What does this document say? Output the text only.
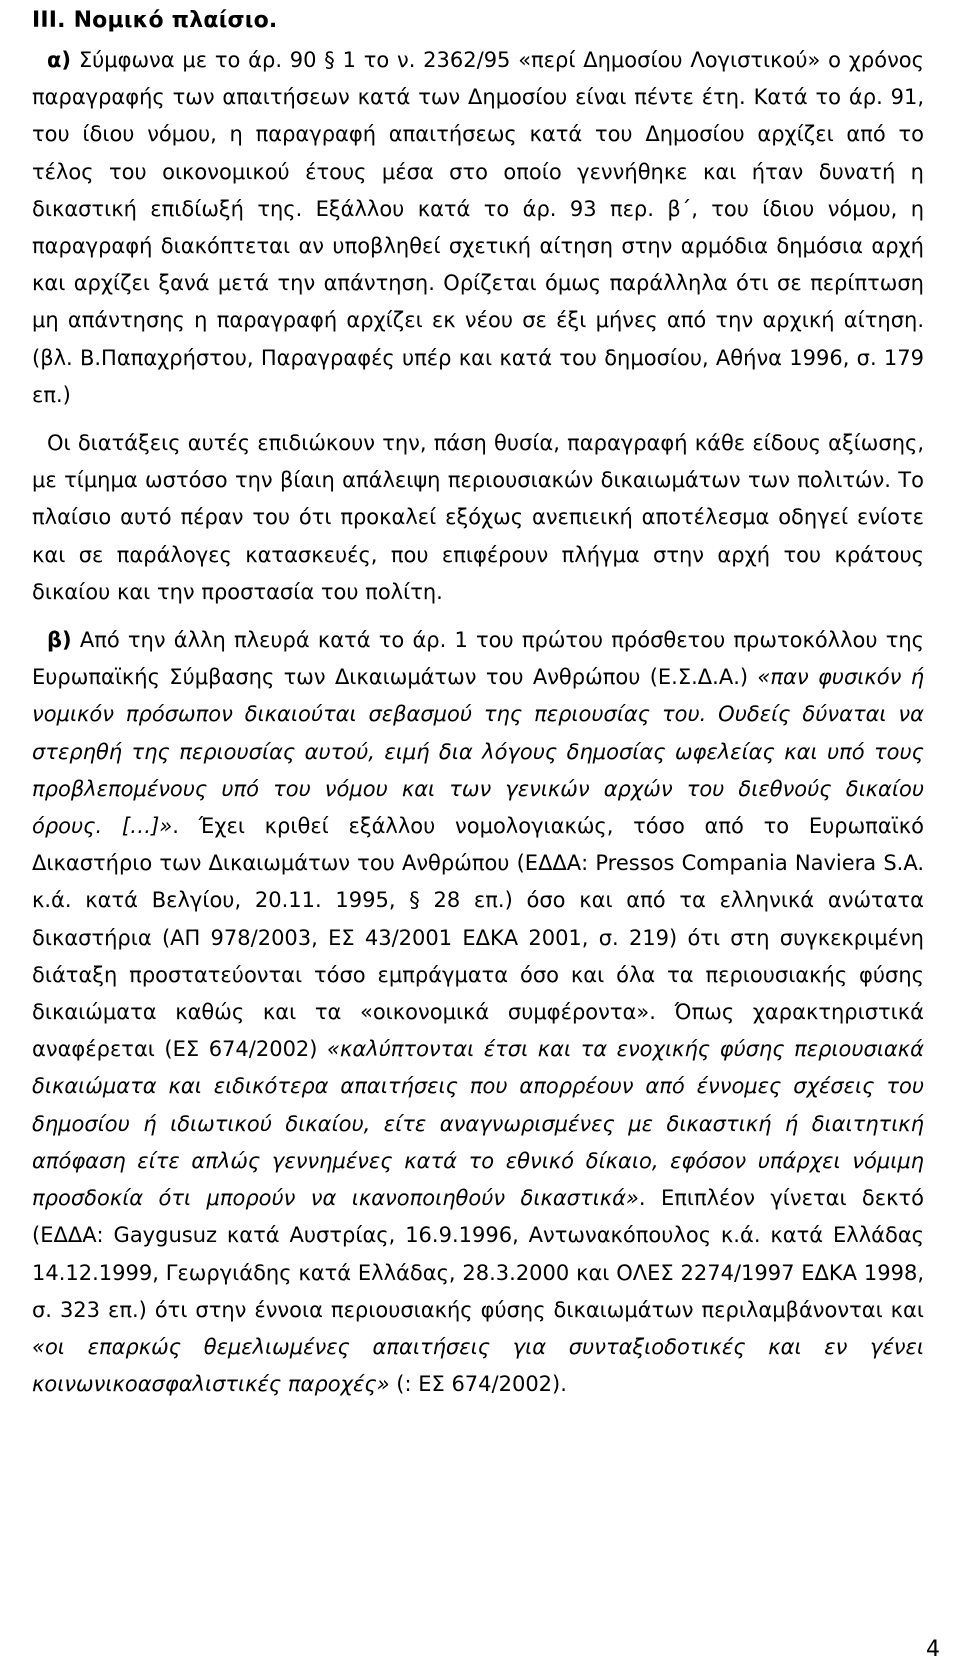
ΙΙΙ. Νομικό πλαίσιο.

α) Σύμφωνα με το άρ. 90 § 1 το ν. 2362/95 «περί Δημοσίου Λογιστικού» ο χρόνος παραγραφής των απαιτήσεων κατά των Δημοσίου είναι πέντε έτη. Κατά το άρ. 91, του ίδιου νόμου, η παραγραφή απαιτήσεως κατά του Δημοσίου αρχίζει από το τέλος του οικονομικού έτους μέσα στο οποίο γεννήθηκε και ήταν δυνατή η δικαστική επιδίωξή της. Εξάλλου κατά το άρ. 93 περ. β΄, του ίδιου νόμου, η παραγραφή διακόπτεται αν υποβληθεί σχετική αίτηση στην αρμόδια δημόσια αρχή και αρχίζει ξανά μετά την απάντηση. Ορίζεται όμως παράλληλα ότι σε περίπτωση μη απάντησης η παραγραφή αρχίζει εκ νέου σε έξι μήνες από την αρχική αίτηση. (βλ. Β.Παπαχρήστου, Παραγραφές υπέρ και κατά του δημοσίου, Αθήνα 1996, σ. 179 επ.)

Οι διατάξεις αυτές επιδιώκουν την, πάση θυσία, παραγραφή κάθε είδους αξίωσης, με τίμημα ωστόσο την βίαιη απάλειψη περιουσιακών δικαιωμάτων των πολιτών. Το πλαίσιο αυτό πέραν του ότι προκαλεί εξόχως ανεπιεική αποτέλεσμα οδηγεί ενίοτε και σε παράλογες κατασκευές, που επιφέρουν πλήγμα στην αρχή του κράτους δικαίου και την προστασία του πολίτη.

β) Από την άλλη πλευρά κατά το άρ. 1 του πρώτου πρόσθετου πρωτοκόλλου της Ευρωπαϊκής Σύμβασης των Δικαιωμάτων του Ανθρώπου (Ε.Σ.Δ.Α.) «παν φυσικόν ή νομικόν πρόσωπον δικαιούται σεβασμού της περιουσίας του. Ουδείς δύναται να στερηθή της περιουσίας αυτού, ειμή δια λόγους δημοσίας ωφελείας και υπό τους προβλεπομένους υπό του νόμου και των γενικών αρχών του διεθνούς δικαίου όρους. […]». Έχει κριθεί εξάλλου νομολογιακώς, τόσο από το Ευρωπαϊκό Δικαστήριο των Δικαιωμάτων του Ανθρώπου (ΕΔΔΑ: Pressos Compania Naviera S.A. κ.ά. κατά Βελγίου, 20.11. 1995, § 28 επ.) όσο και από τα ελληνικά ανώτατα δικαστήρια (ΑΠ 978/2003, ΕΣ 43/2001 ΕΔΚΑ 2001, σ. 219) ότι στη συγκεκριμένη διάταξη προστατεύονται τόσο εμπράγματα όσο και όλα τα περιουσιακής φύσης δικαιώματα καθώς και τα «οικονομικά συμφέροντα». Όπως χαρακτηριστικά αναφέρεται (ΕΣ 674/2002) «καλύπτονται έτσι και τα ενοχικής φύσης περιουσιακά δικαιώματα και ειδικότερα απαιτήσεις που απορρέουν από έννομες σχέσεις του δημοσίου ή ιδιωτικού δικαίου, είτε αναγνωρισμένες με δικαστική ή διαιτητική απόφαση είτε απλώς γεννημένες κατά το εθνικό δίκαιο, εφόσον υπάρχει νόμιμη προσδοκία ότι μπορούν να ικανοποιηθούν δικαστικά». Επιπλέον γίνεται δεκτό (ΕΔΔΑ: Gaygusuz κατά Αυστρίας, 16.9.1996, Αντωνακόπουλος κ.ά. κατά Ελλάδας 14.12.1999, Γεωργιάδης κατά Ελλάδας, 28.3.2000 και ΟΛΕΣ 2274/1997 ΕΔΚΑ 1998, σ. 323 επ.) ότι στην έννοια περιουσιακής φύσης δικαιωμάτων περιλαμβάνονται και «οι επαρκώς θεμελιωμένες απαιτήσεις για συνταξιοδοτικές και εν γένει κοινωνικοασφαλιστικές παροχές» (: ΕΣ 674/2002).

4
